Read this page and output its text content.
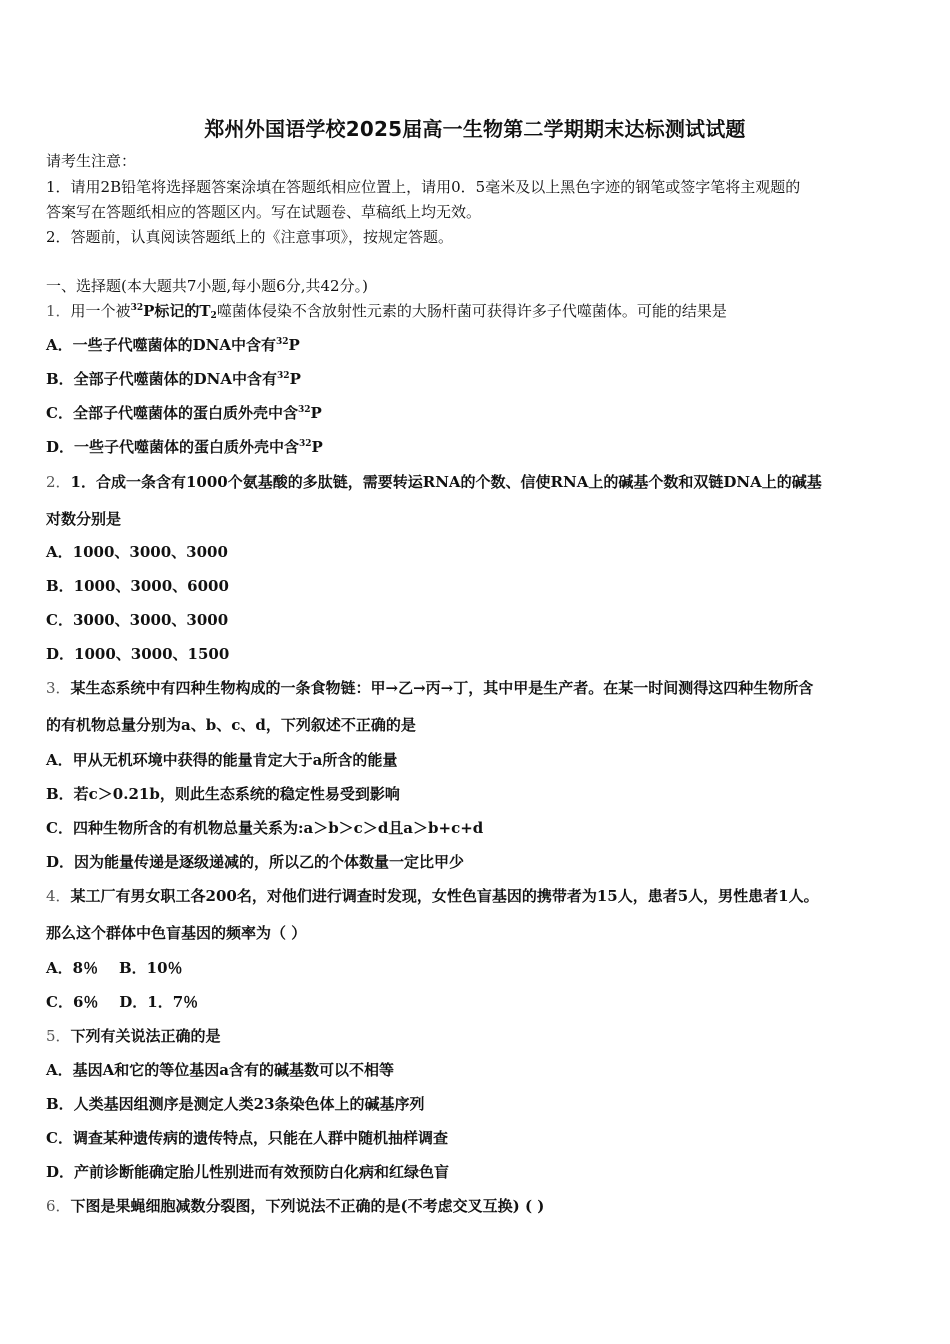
郑州外国语学校2025届高一生物第二学期期末达标测试试题
请考生注意：
1．请用2B铅笔将选择题答案涂填在答题纸相应位置上，请用0．5毫米及以上黑色字迹的钢笔或签字笔将主观题的
答案写在答题纸相应的答题区内。写在试题卷、草稿纸上均无效。
2．答题前，认真阅读答题纸上的《注意事项》，按规定答题。
一、选择题(本大题共7小题,每小题6分,共42分。)
1．用一个被$^{32}$P标记的$T_2$噬菌体侵染不含放射性元素的大肠杆菌可获得许多子代噬菌体。可能的结果是
A．一些子代噬菌体的DNA中含有$^{32}$P
B．全部子代噬菌体的DNA中含有$^{32}$P
C．全部子代噬菌体的蛋白质外壳中含$^{32}$P
D．一些子代噬菌体的蛋白质外壳中含$^{32}$P
2．1．合成一条含有1000个氨基酸的多肽链，需要转运RNA的个数、信使RNA上的碱基个数和双链DNA上的碱基
对数分别是
A．1000、3000、3000
B．1000、3000、6000
C．3000、3000、3000
D．1000、3000、1500
3．某生态系统中有四种生物构成的一条食物链：甲→乙→丙→丁，其中甲是生产者。在某一时间测得这四种生物所含
的有机物总量分别为a、b、c、d，下列叙述不正确的是
A．甲从无机环境中获得的能量肯定大于a所含的能量
B．若c＞0.21b，则此生态系统的稳定性易受到影响
C．四种生物所含的有机物总量关系为:a＞b＞c＞d且a＞b+c+d
D．因为能量传递是逐级递减的，所以乙的个体数量一定比甲少
4．某工厂有男女职工各200名，对他们进行调查时发现，女性色盲基因的携带者为15人，患者5人，男性患者1人。
那么这个群体中色盲基因的频率为（ ）
A．8％    B．10％
C．6％    D．1．7％
5．下列有关说法正确的是
A．基因A和它的等位基因a含有的碱基数可以不相等
B．人类基因组测序是测定人类23条染色体上的碱基序列
C．调查某种遗传病的遗传特点，只能在人群中随机抽样调查
D．产前诊断能确定胎儿性别进而有效预防白化病和红绿色盲
6．下图是果蝇细胞减数分裂图，下列说法不正确的是(不考虑交叉互换) ( )
